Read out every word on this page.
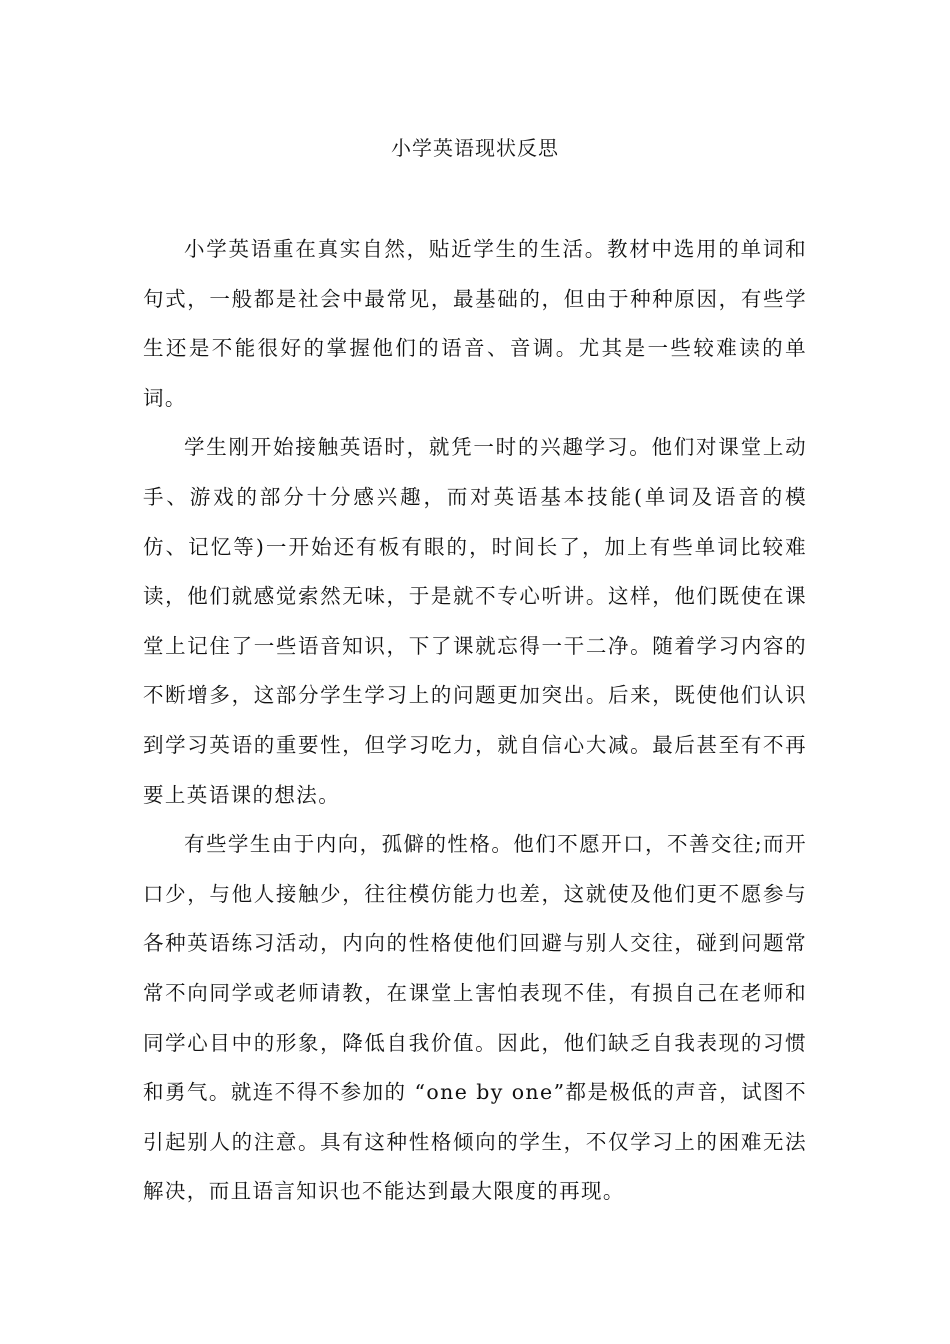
小学英语现状反思

小学英语重在真实自然，贴近学生的生活。教材中选用的单词和句式，一般都是社会中最常见，最基础的，但由于种种原因，有些学生还是不能很好的掌握他们的语音、音调。尤其是一些较难读的单词。

学生刚开始接触英语时，就凭一时的兴趣学习。他们对课堂上动手、游戏的部分十分感兴趣，而对英语基本技能(单词及语音的模仿、记忆等)一开始还有板有眼的，时间长了，加上有些单词比较难读，他们就感觉索然无味，于是就不专心听讲。这样，他们既使在课堂上记住了一些语音知识，下了课就忘得一干二净。随着学习内容的不断增多，这部分学生学习上的问题更加突出。后来，既使他们认识到学习英语的重要性，但学习吃力，就自信心大减。最后甚至有不再要上英语课的想法。

有些学生由于内向，孤僻的性格。他们不愿开口，不善交往;而开口少，与他人接触少，往往模仿能力也差，这就使及他们更不愿参与各种英语练习活动，内向的性格使他们回避与别人交往，碰到问题常常不向同学或老师请教，在课堂上害怕表现不佳，有损自己在老师和同学心目中的形象，降低自我价值。因此，他们缺乏自我表现的习惯和勇气。就连不得不参加的 “one by one”都是极低的声音，试图不引起别人的注意。具有这种性格倾向的学生，不仅学习上的困难无法解决，而且语言知识也不能达到最大限度的再现。
